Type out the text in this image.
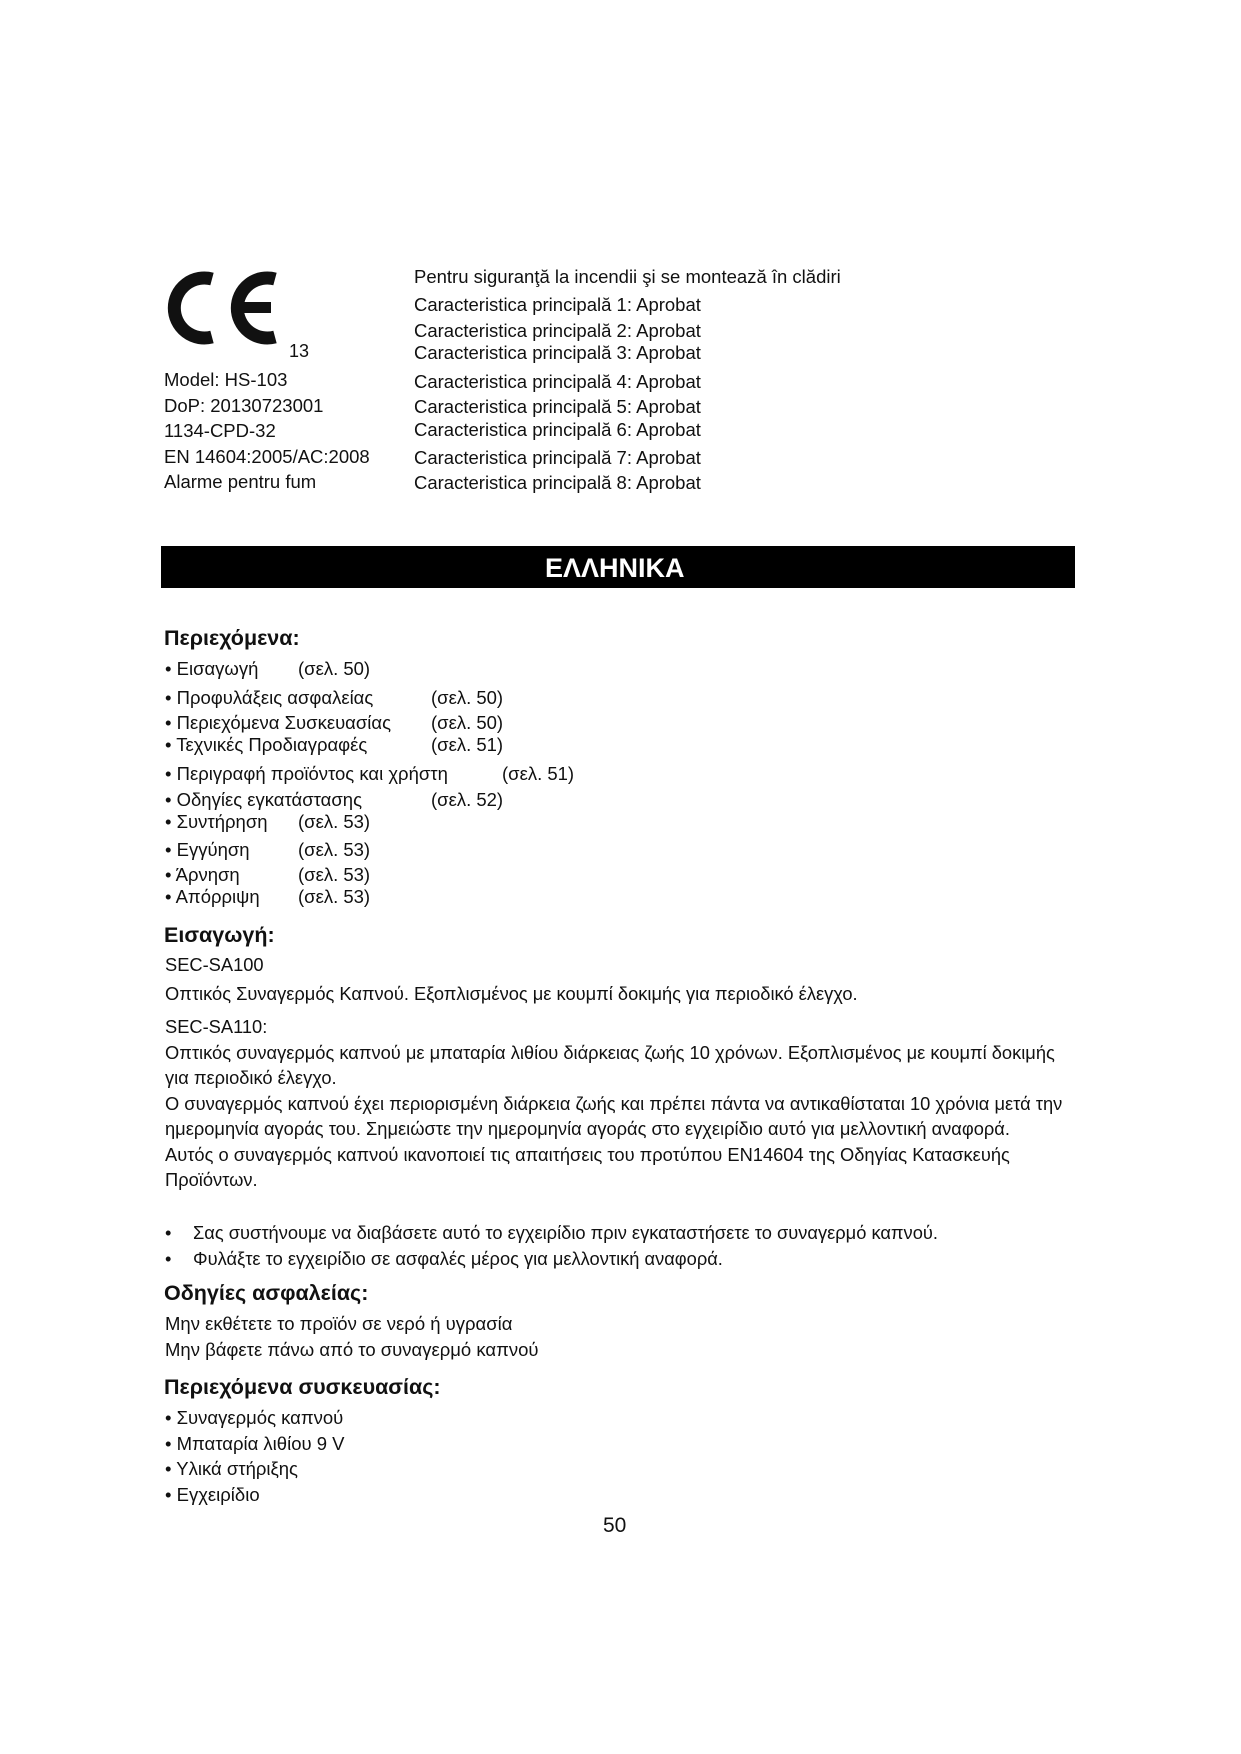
13
Model: HS-103
DoP: 20130723001
1134-CPD-32
EN 14604:2005/AC:2008
Alarme pentru fum
Pentru siguranţă la incendii şi se montează în clădiri
Caracteristica principală 1: Aprobat
Caracteristica principală 2: Aprobat
Caracteristica principală 3: Aprobat
Caracteristica principală 4: Aprobat
Caracteristica principală 5: Aprobat
Caracteristica principală 6: Aprobat
Caracteristica principală 7: Aprobat
Caracteristica principală 8: Aprobat
ΕΛΛΗΝΙΚΑ
Περιεχόμενα:
• Εισαγωγή (σελ. 50)
• Προφυλάξεις ασφαλείας	(σελ. 50)
• Περιεχόμενα Συσκευασίας (σελ. 50)
• Τεχνικές Προδιαγραφές	(σελ. 51)
• Περιγραφή προϊόντος και χρήστη	(σελ. 51)
• Οδηγίες εγκατάστασης	(σελ. 52)
• Συντήρηση (σελ. 53)
• Εγγύηση	(σελ. 53)
• Άρνηση	(σελ. 53)
• Απόρριψη (σελ. 53)
Εισαγωγή:

SEC-SA100

Οπτικός Συναγερμός Καπνού. Εξοπλισμένος με κουμπί δοκιμής για περιοδικό έλεγχο.

SEC-SA110:

Οπτικός συναγερμός καπνού με μπαταρία λιθίου διάρκειας ζωής 10 χρόνων. Εξοπλισμένος με κουμπί δοκιμής για περιοδικό έλεγχο.

Ο συναγερμός καπνού έχει περιορισμένη διάρκεια ζωής και πρέπει πάντα να αντικαθίσταται 10 χρόνια μετά την ημερομηνία αγοράς του. Σημειώστε την ημερομηνία αγοράς στο εγχειρίδιο αυτό για μελλοντική αναφορά.

Αυτός ο συναγερμός καπνού ικανοποιεί τις απαιτήσεις του προτύπου EN14604 της Οδηγίας Κατασκευής Προϊόντων.

• Σας συστήνουμε να διαβάσετε αυτό το εγχειρίδιο πριν εγκαταστήσετε το συναγερμό καπνού.
• Φυλάξτε το εγχειρίδιο σε ασφαλές μέρος για μελλοντική αναφορά.
Οδηγίες ασφαλείας:
Μην εκθέτετε το προϊόν σε νερό ή υγρασία
Μην βάφετε πάνω από το συναγερμό καπνού
Περιεχόμενα συσκευασίας:
• Συναγερμός καπνού
• Μπαταρία λιθίου 9 V
• Υλικά στήριξης
• Εγχειρίδιο
50
